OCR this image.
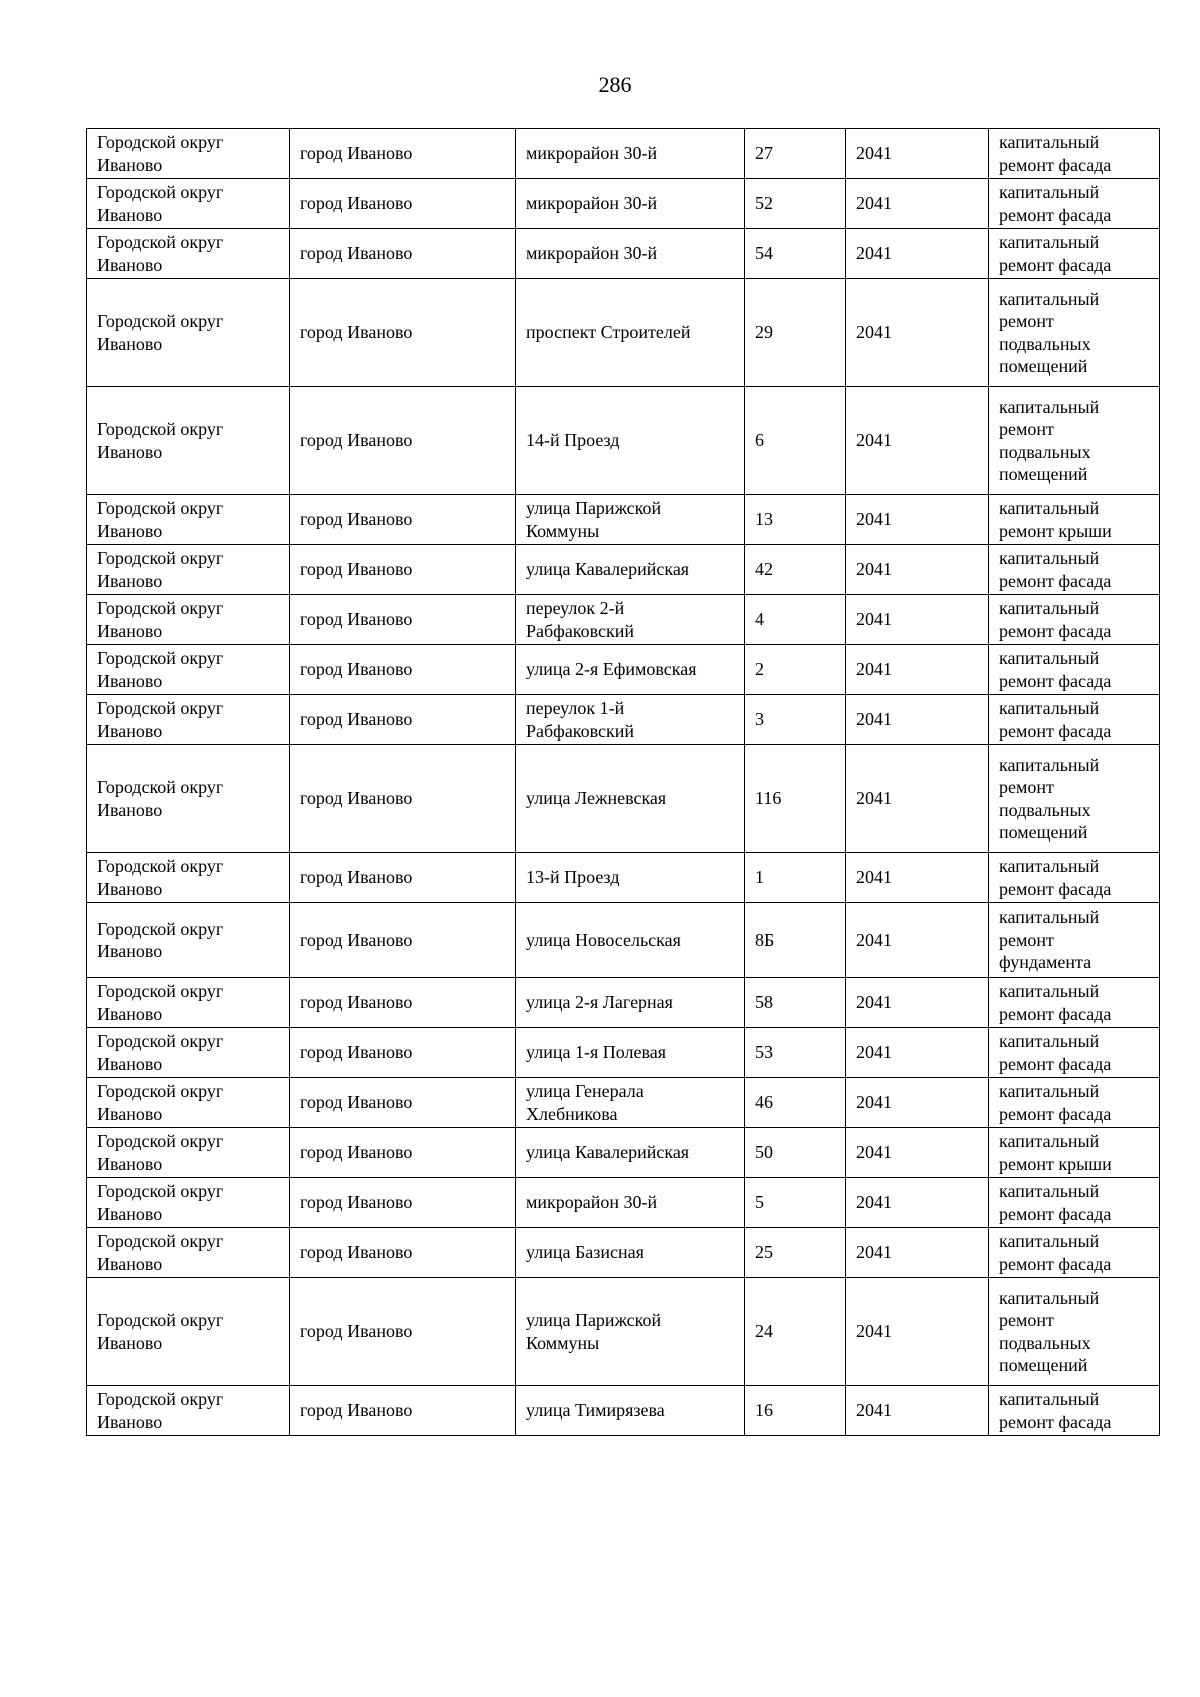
286
Городской округ Иваново	город Иваново	микрорайон 30-й	27	2041	капитальный ремонт фасада
Городской округ Иваново	город Иваново	микрорайон 30-й	52	2041	капитальный ремонт фасада
Городской округ Иваново	город Иваново	микрорайон 30-й	54	2041	капитальный ремонт фасада
Городской округ Иваново	город Иваново	проспект Строителей	29	2041	капитальный ремонт подвальных помещений
Городской округ Иваново	город Иваново	14-й Проезд	6	2041	капитальный ремонт подвальных помещений
Городской округ Иваново	город Иваново	улица Парижской Коммуны	13	2041	капитальный ремонт крыши
Городской округ Иваново	город Иваново	улица Кавалерийская	42	2041	капитальный ремонт фасада
Городской округ Иваново	город Иваново	переулок 2-й Рабфаковский	4	2041	капитальный ремонт фасада
Городской округ Иваново	город Иваново	улица 2-я Ефимовская	2	2041	капитальный ремонт фасада
Городской округ Иваново	город Иваново	переулок 1-й Рабфаковский	3	2041	капитальный ремонт фасада
Городской округ Иваново	город Иваново	улица Лежневская	116	2041	капитальный ремонт подвальных помещений
Городской округ Иваново	город Иваново	13-й Проезд	1	2041	капитальный ремонт фасада
Городской округ Иваново	город Иваново	улица Новосельская	8Б	2041	капитальный ремонт фундамента
Городской округ Иваново	город Иваново	улица 2-я Лагерная	58	2041	капитальный ремонт фасада
Городской округ Иваново	город Иваново	улица 1-я Полевая	53	2041	капитальный ремонт фасада
Городской округ Иваново	город Иваново	улица Генерала Хлебникова	46	2041	капитальный ремонт фасада
Городской округ Иваново	город Иваново	улица Кавалерийская	50	2041	капитальный ремонт крыши
Городской округ Иваново	город Иваново	микрорайон 30-й	5	2041	капитальный ремонт фасада
Городской округ Иваново	город Иваново	улица Базисная	25	2041	капитальный ремонт фасада
Городской округ Иваново	город Иваново	улица Парижской Коммуны	24	2041	капитальный ремонт подвальных помещений
Городской округ Иваново	город Иваново	улица Тимирязева	16	2041	капитальный ремонт фасада
